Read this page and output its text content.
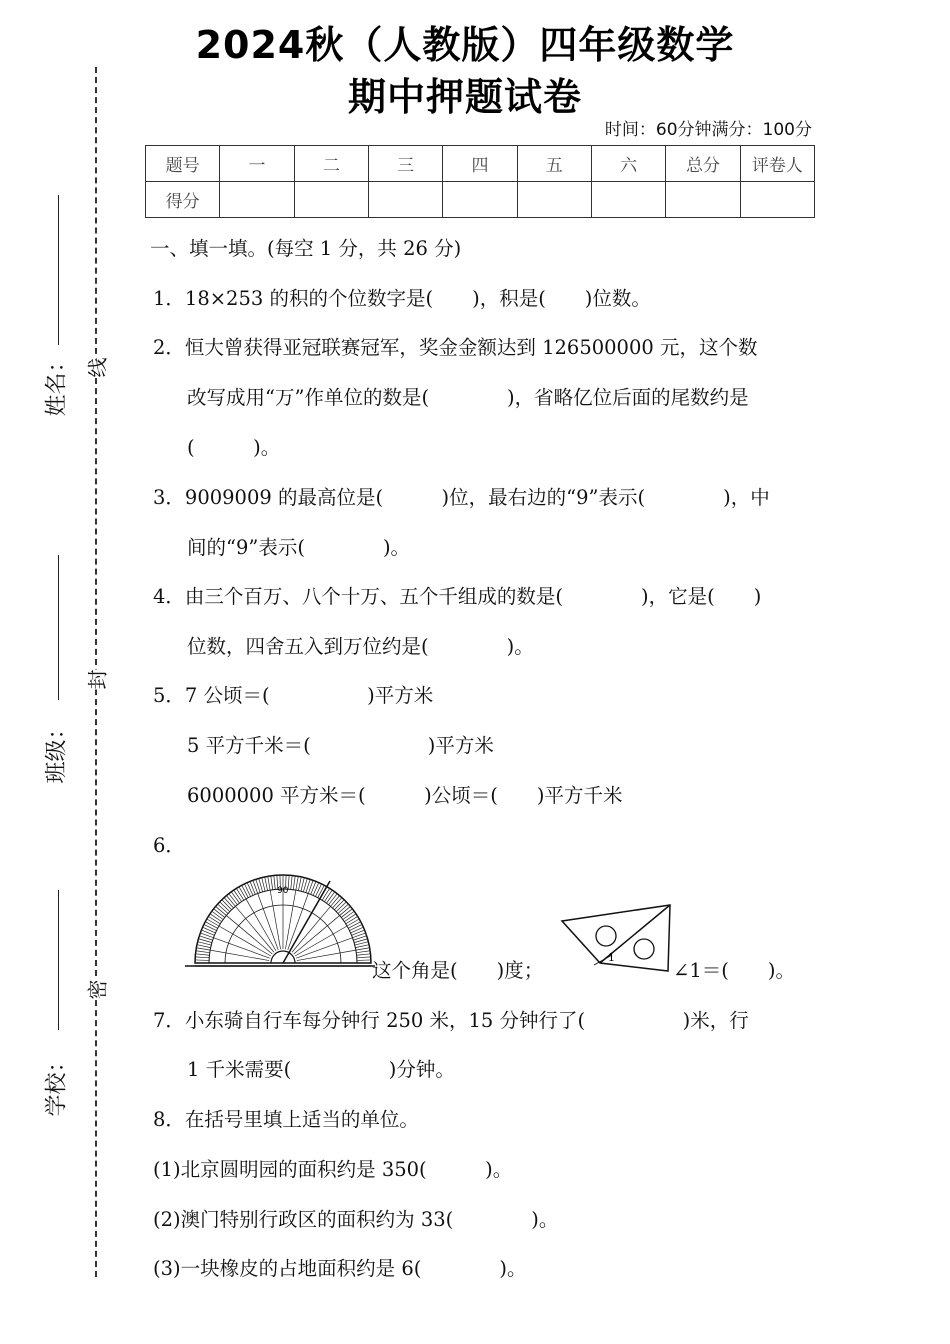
2024秋（人教版）四年级数学
期中押题试卷
时间：60分钟满分：100分
题号	一	二	三	四	五	六	总分	评卷人
得分								
姓名：
班级：
学校：
线
封
密
一、填一填。(每空 1 分，共 26 分)
1．18×253 的积的个位数字是(　　)，积是(　　)位数。
2．恒大曾获得亚冠联赛冠军，奖金金额达到 126500000 元，这个数
改写成用“万”作单位的数是(　　　　)，省略亿位后面的尾数约是
(　　　)。
3．9009009 的最高位是(　　　)位，最右边的“9”表示(　　　　)，中
间的“9”表示(　　　　)。
4．由三个百万、八个十万、五个千组成的数是(　　　　)，它是(　　)
位数，四舍五入到万位约是(　　　　)。
5．7 公顷＝(　　　　　)平方米
5 平方千米＝(　　　　　　)平方米
6000000 平方米＝(　　　)公顷＝(　　)平方千米
6．
90
这个角是(　　)度；
1
∠1＝(　　)。
7．小东骑自行车每分钟行 250 米，15 分钟行了(　　　　　)米，行
1 千米需要(　　　　　)分钟。
8．在括号里填上适当的单位。
(1)北京圆明园的面积约是 350(　　　)。
(2)澳门特别行政区的面积约为 33(　　　　)。
(3)一块橡皮的占地面积约是 6(　　　　)。
